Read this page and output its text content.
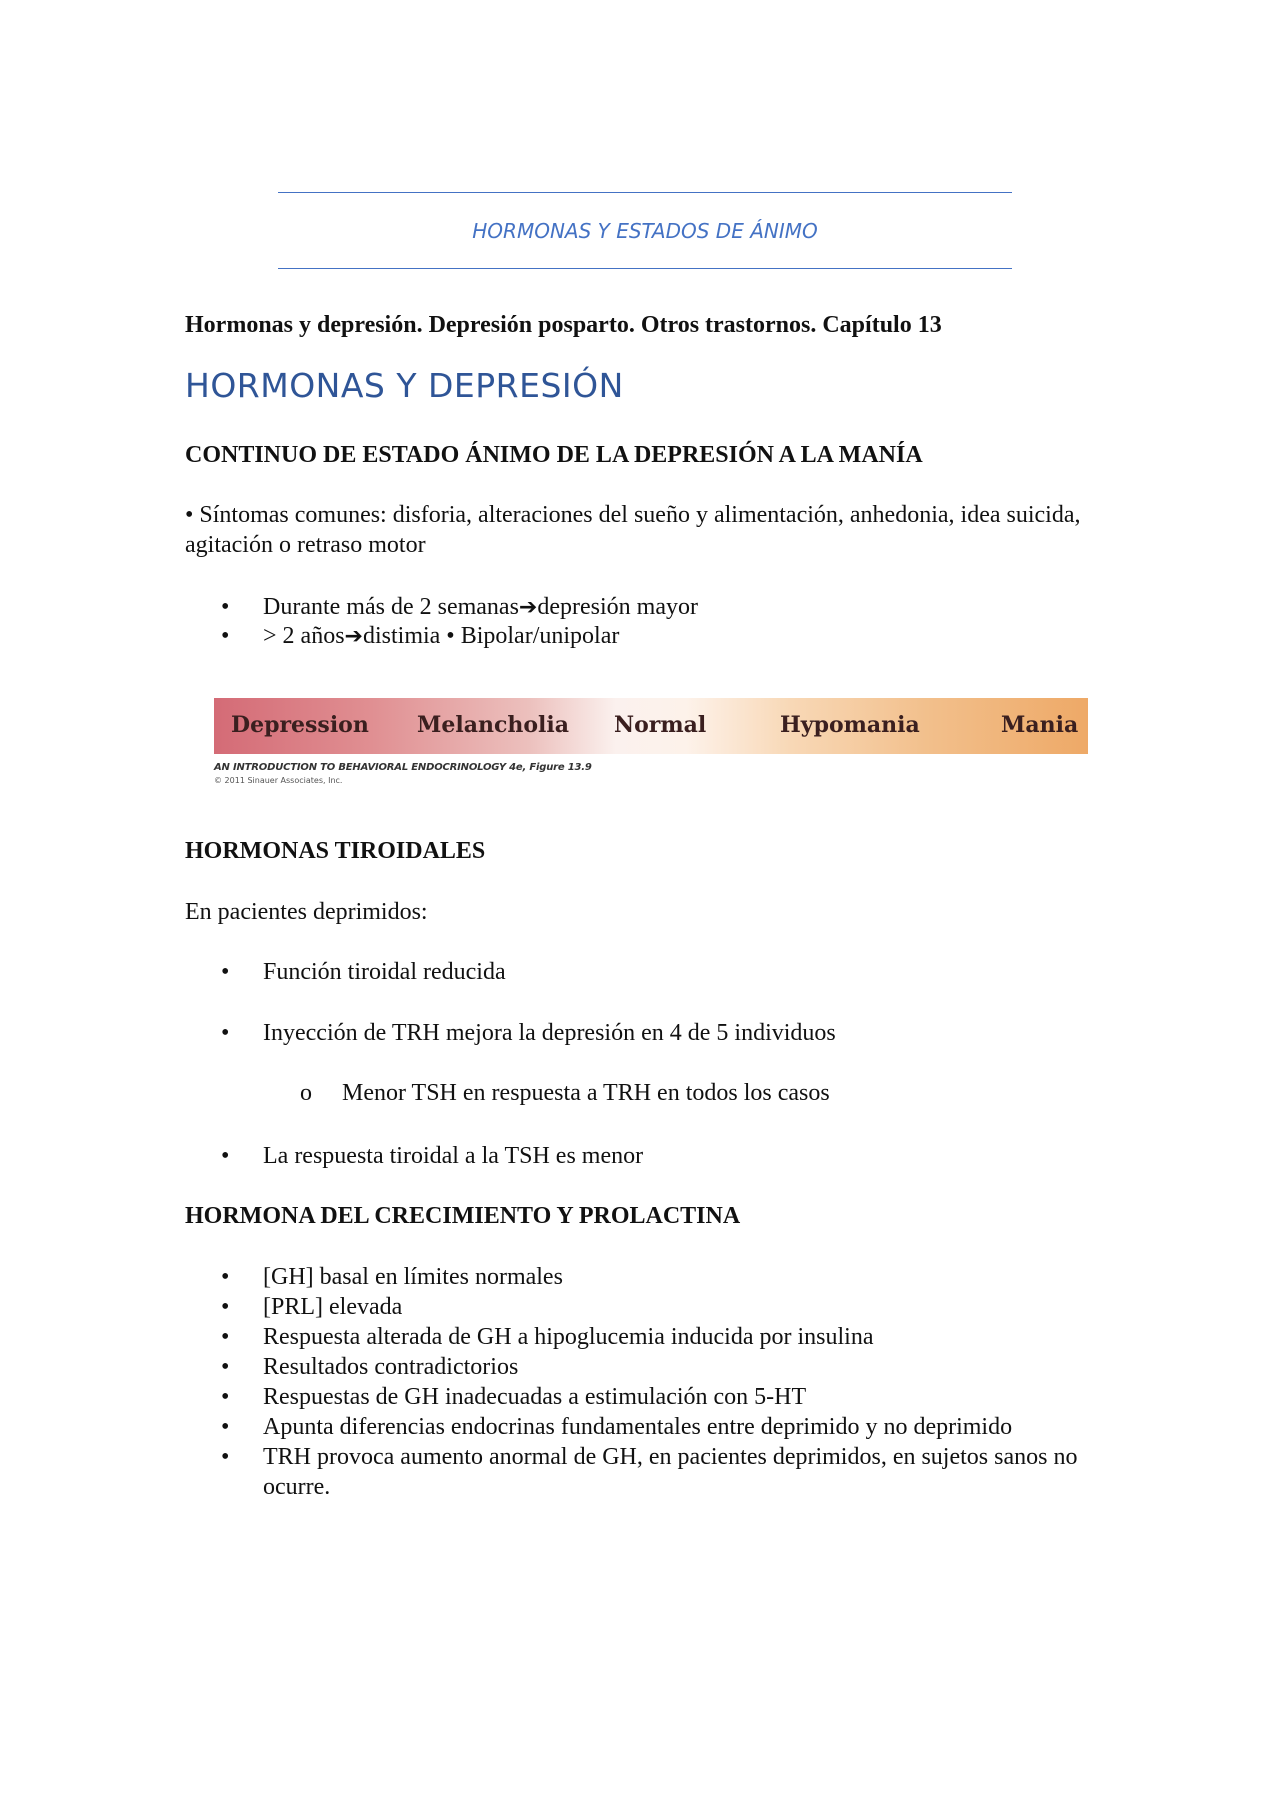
HORMONAS Y ESTADOS DE ÁNIMO
Hormonas y depresión. Depresión posparto. Otros trastornos. Capítulo 13
HORMONAS Y DEPRESIÓN
CONTINUO DE ESTADO ÁNIMO DE LA DEPRESIÓN A LA MANÍA
• Síntomas comunes: disforia, alteraciones del sueño y alimentación, anhedonia, idea suicida, agitación o retraso motor
• Durante más de 2 semanas➔depresión mayor
• > 2 años➔distimia • Bipolar/unipolar
Depression Melancholia Normal	Hypomania	Mania
AN INTRODUCTION TO BEHAVIORAL ENDOCRINOLOGY 4e, Figure 13.9
© 2011 Sinauer Associates, Inc.
HORMONAS TIROIDALES
En pacientes deprimidos:
• Función tiroidal reducida
• Inyección de TRH mejora la depresión en 4 de 5 individuos
o Menor TSH en respuesta a TRH en todos los casos
• La respuesta tiroidal a la TSH es menor
HORMONA DEL CRECIMIENTO Y PROLACTINA
• [GH] basal en límites normales
• [PRL] elevada
• Respuesta alterada de GH a hipoglucemia inducida por insulina
• Resultados contradictorios
• Respuestas de GH inadecuadas a estimulación con 5-HT
• Apunta diferencias endocrinas fundamentales entre deprimido y no deprimido
• TRH provoca aumento anormal de GH, en pacientes deprimidos, en sujetos sanos no ocurre.
